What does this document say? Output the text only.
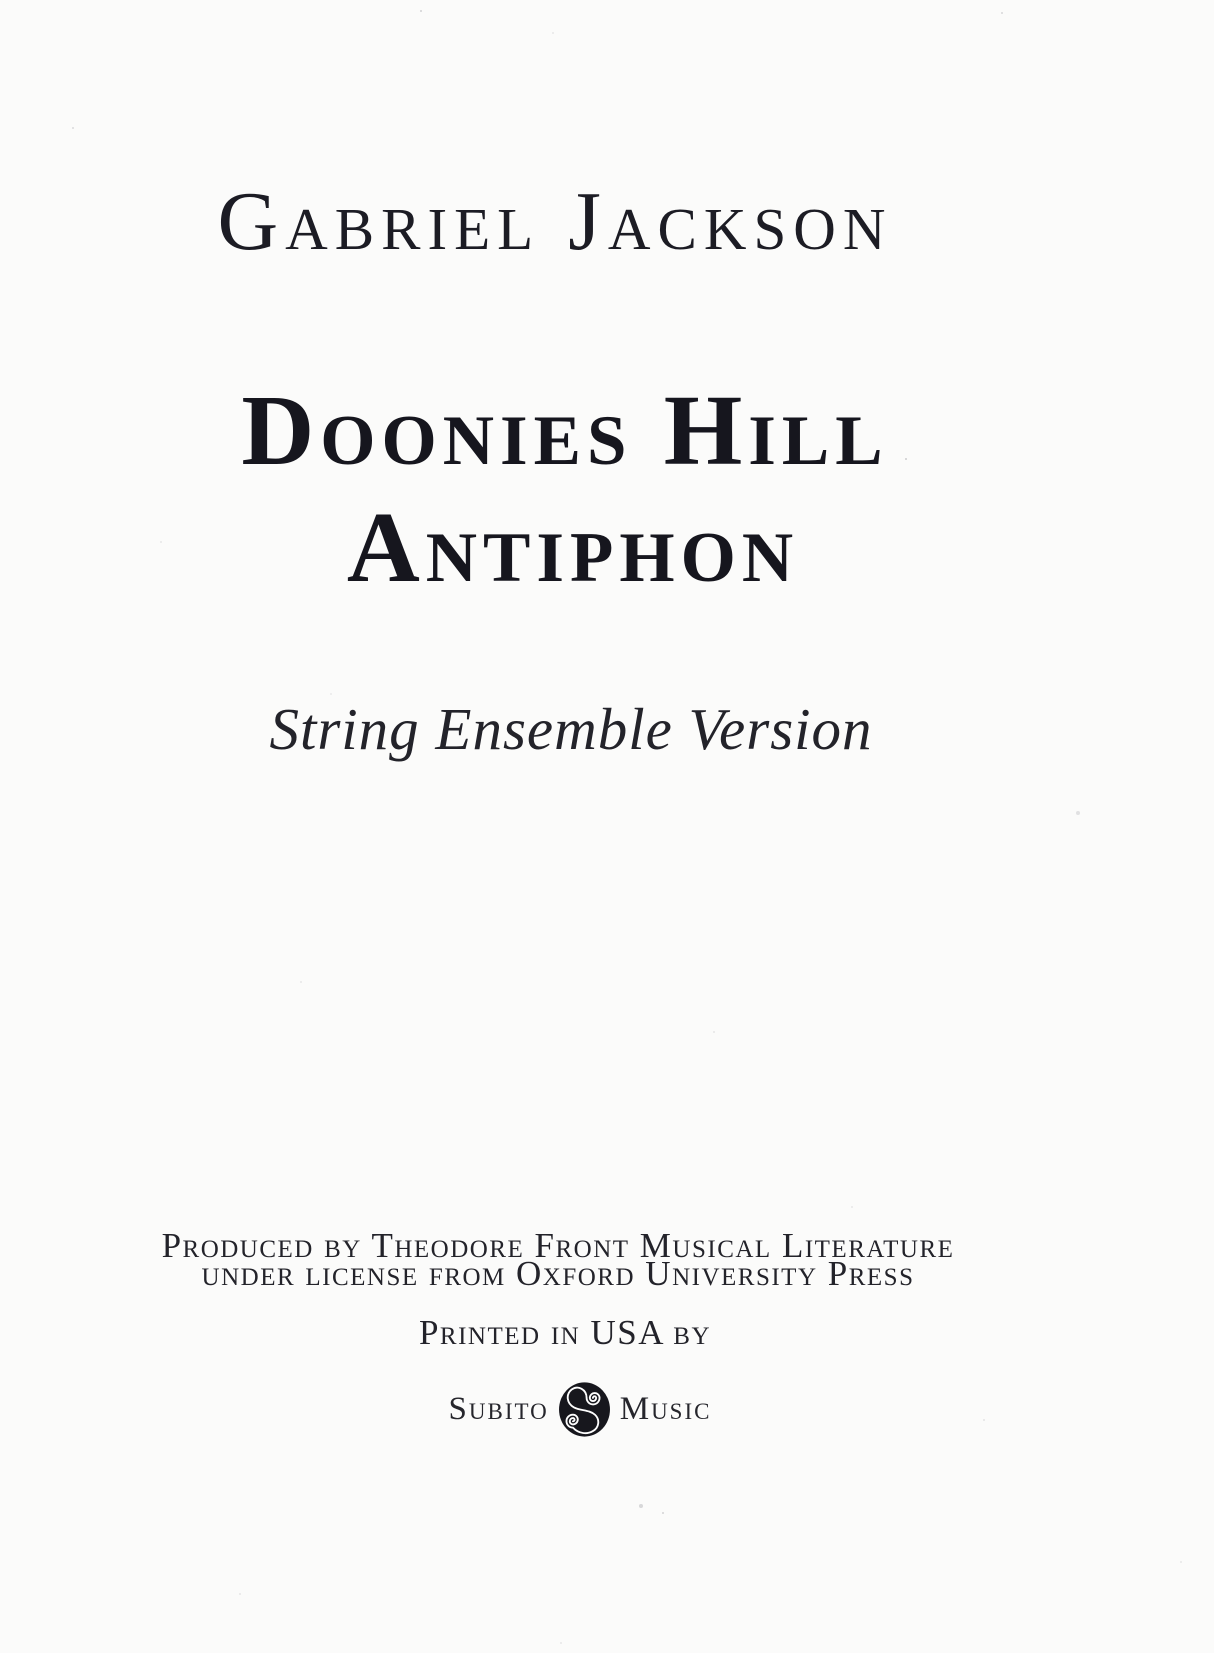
Gabriel Jackson
Doonies Hill
Antiphon
String Ensemble Version
Produced by Theodore Front Musical Literature
under license from Oxford University Press
Printed in USA by
Subito Music
